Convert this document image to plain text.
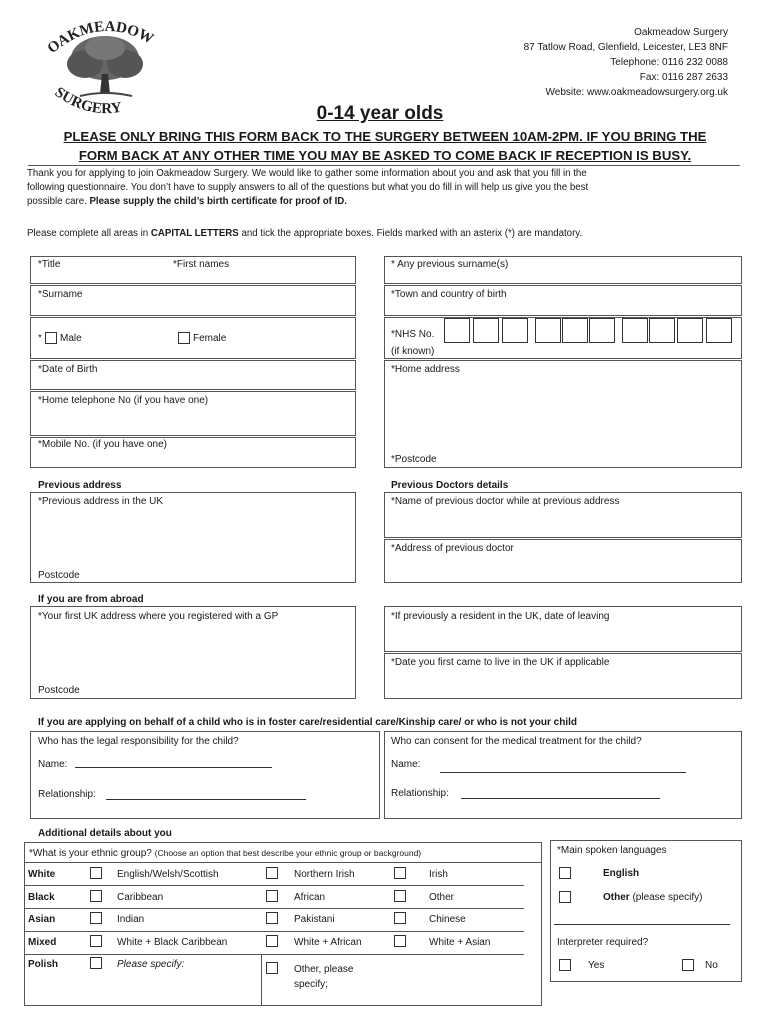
OAKMEADOW
SURGERY
Oakmeadow Surgery
87 Tatlow Road, Glenfield, Leicester, LE3 8NF
Telephone: 0116 232 0088
Fax: 0116 287 2633
Website: www.oakmeadowsurgery.org.uk
0-14 year olds
PLEASE ONLY BRING THIS FORM BACK TO THE SURGERY BETWEEN 10AM-2PM. IF YOU BRING THE
FORM BACK AT ANY OTHER TIME YOU MAY BE ASKED TO COME BACK IF RECEPTION IS BUSY.
Thank you for applying to join Oakmeadow Surgery. We would like to gather some information about you and ask that you fill in the
following questionnaire. You don’t have to supply answers to all of the questions but what you do fill in will help us give you the best
possible care. Please supply the child’s birth certificate for proof of ID.
Please complete all areas in CAPITAL LETTERS and tick the appropriate boxes. Fields marked with an asterix (*) are mandatory.
*Title	*First names
*Surname
* Male	Female
*Date of Birth
*Home telephone No (if you have one)
*Mobile No. (if you have one)
* Any previous surname(s)
*Town and country of birth
*NHS No.
(if known)
*Home address
*Postcode
Previous address
*Previous address in the UK
Postcode
Previous Doctors details
*Name of previous doctor while at previous address
*Address of previous doctor
If you are from abroad
*Your first UK address where you registered with a GP
Postcode
*If previously a resident in the UK, date of leaving
*Date you first came to live in the UK if applicable
If you are applying on behalf of a child who is in foster care/residential care/Kinship care/ or who is not your child
Who has the legal responsibility for the child?
Name:
Relationship:
Who can consent for the medical treatment for the child?
Name:
Relationship:
Additional details about you
*What is your ethnic group? (Choose an option that best describe your ethnic group or background)
White	English/Welsh/Scottish	Northern Irish	Irish
Black	Caribbean	African	Other
Asian	Indian	Pakistani	Chinese
Mixed	White + Black Caribbean	White + African	White + Asian
Polish	Please specify:	Other, please
specify;
*Main spoken languages
English
Other (please specify)
Interpreter required?
Yes	No
